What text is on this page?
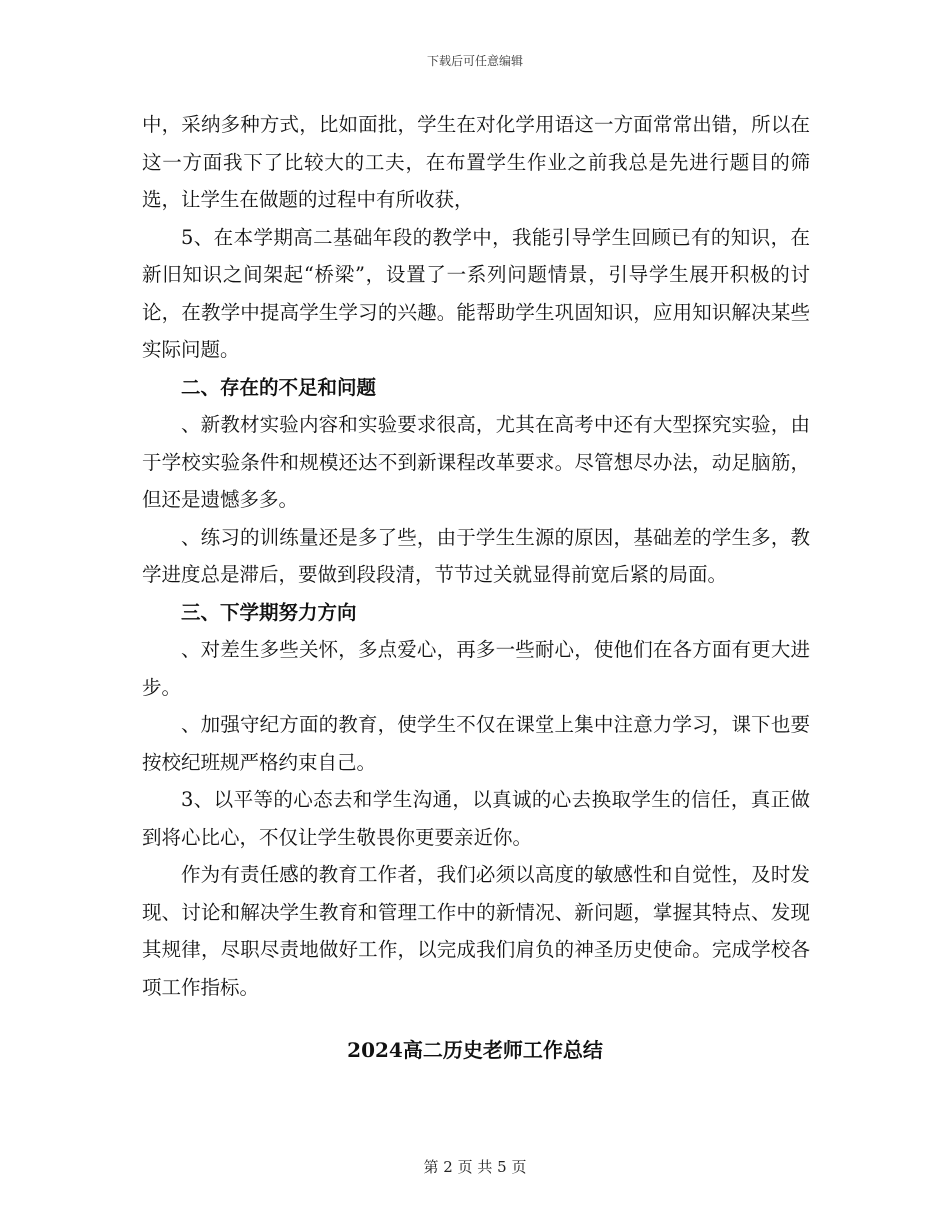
下载后可任意编辑

中，采纳多种方式，比如面批，学生在对化学用语这一方面常常出错，所以在这一方面我下了比较大的工夫，在布置学生作业之前我总是先进行题目的筛选，让学生在做题的过程中有所收获，

5、在本学期高二基础年段的教学中，我能引导学生回顾已有的知识，在新旧知识之间架起“桥梁”，设置了一系列问题情景，引导学生展开积极的讨论，在教学中提高学生学习的兴趣。能帮助学生巩固知识，应用知识解决某些实际问题。

二、存在的不足和问题

、新教材实验内容和实验要求很高，尤其在高考中还有大型探究实验，由于学校实验条件和规模还达不到新课程改革要求。尽管想尽办法，动足脑筋，但还是遗憾多多。

、练习的训练量还是多了些，由于学生生源的原因，基础差的学生多，教学进度总是滞后，要做到段段清，节节过关就显得前宽后紧的局面。

三、下学期努力方向

、对差生多些关怀，多点爱心，再多一些耐心，使他们在各方面有更大进步。

、加强守纪方面的教育，使学生不仅在课堂上集中注意力学习，课下也要按校纪班规严格约束自己。

3、以平等的心态去和学生沟通，以真诚的心去换取学生的信任，真正做到将心比心，不仅让学生敬畏你更要亲近你。

作为有责任感的教育工作者，我们必须以高度的敏感性和自觉性，及时发现、讨论和解决学生教育和管理工作中的新情况、新问题，掌握其特点、发现其规律，尽职尽责地做好工作，以完成我们肩负的神圣历史使命。完成学校各项工作指标。

2024高二历史老师工作总结
第 2 页 共 5 页
